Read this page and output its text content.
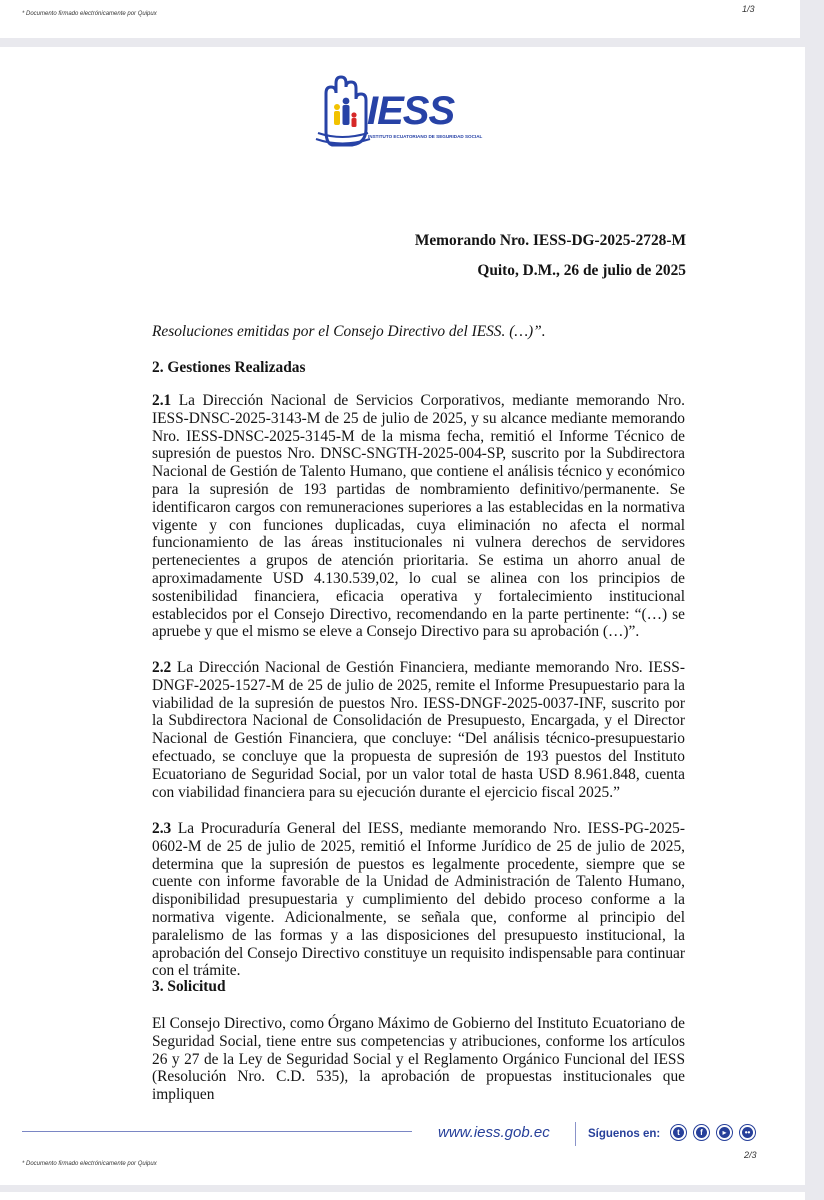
* Documento firmado electrónicamente por Quipux	1/3
IESS
INSTITUTO ECUATORIANO DE SEGURIDAD SOCIAL
Memorando Nro. IESS-DG-2025-2728-M
Quito, D.M., 26 de julio de 2025
Resoluciones emitidas por el Consejo Directivo del IESS. (…)”.
2. Gestiones Realizadas
2.1 La Dirección Nacional de Servicios Corporativos, mediante memorando Nro. IESS-DNSC-2025-3143-M de 25 de julio de 2025, y su alcance mediante memorando Nro. IESS-DNSC-2025-3145-M de la misma fecha, remitió el Informe Técnico de supresión de puestos Nro. DNSC-SNGTH-2025-004-SP, suscrito por la Subdirectora Nacional de Gestión de Talento Humano, que contiene el análisis técnico y económico para la supresión de 193 partidas de nombramiento definitivo/permanente. Se identificaron cargos con remuneraciones superiores a las establecidas en la normativa vigente y con funciones duplicadas, cuya eliminación no afecta el normal funcionamiento de las áreas institucionales ni vulnera derechos de servidores pertenecientes a grupos de atención prioritaria. Se estima un ahorro anual de aproximadamente USD 4.130.539,02, lo cual se alinea con los principios de sostenibilidad financiera, eficacia operativa y fortalecimiento institucional establecidos por el Consejo Directivo, recomendando en la parte pertinente: “(…) se apruebe y que el mismo se eleve a Consejo Directivo para su aprobación (…)”.
2.2 La Dirección Nacional de Gestión Financiera, mediante memorando Nro. IESS-DNGF-2025-1527-M de 25 de julio de 2025, remite el Informe Presupuestario para la viabilidad de la supresión de puestos Nro. IESS-DNGF-2025-0037-INF, suscrito por la Subdirectora Nacional de Consolidación de Presupuesto, Encargada, y el Director Nacional de Gestión Financiera, que concluye: “Del análisis técnico-presupuestario efectuado, se concluye que la propuesta de supresión de 193 puestos del Instituto Ecuatoriano de Seguridad Social, por un valor total de hasta USD 8.961.848, cuenta con viabilidad financiera para su ejecución durante el ejercicio fiscal 2025.”
2.3 La Procuraduría General del IESS, mediante memorando Nro. IESS-PG-2025-0602-M de 25 de julio de 2025, remitió el Informe Jurídico de 25 de julio de 2025, determina que la supresión de puestos es legalmente procedente, siempre que se cuente con informe favorable de la Unidad de Administración de Talento Humano, disponibilidad presupuestaria y cumplimiento del debido proceso conforme a la normativa vigente. Adicionalmente, se señala que, conforme al principio del paralelismo de las formas y a las disposiciones del presupuesto institucional, la aprobación del Consejo Directivo constituye un requisito indispensable para continuar con el trámite.
3. Solicitud
El Consejo Directivo, como Órgano Máximo de Gobierno del Instituto Ecuatoriano de Seguridad Social, tiene entre sus competencias y atribuciones, conforme los artículos 26 y 27 de la Ley de Seguridad Social y el Reglamento Orgánico Funcional del IESS (Resolución Nro. C.D. 535), la aprobación de propuestas institucionales que impliquen
www.iess.gob.ec	Síguenos en:	t	f	▸	••
2/3
* Documento firmado electrónicamente por Quipux
